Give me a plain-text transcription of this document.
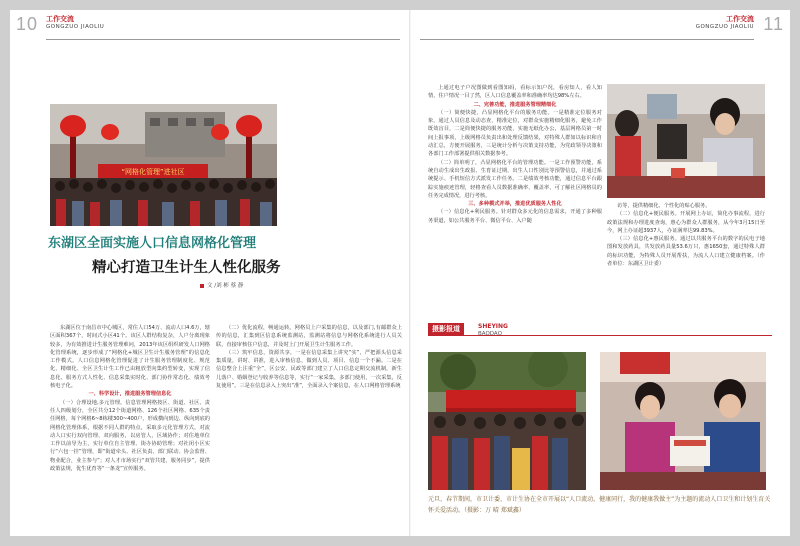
10 工作交流
GONGZUO JIAOLIU	11
工作交流
GONGZUO JIAOLIU
“网格化管理”进社区
东湖区全面实施人口信息网格化管理
精心打造卫生计生人性化服务
文 /刘 彬 蔡 静

东湖区位于南昌市中心城区，常住人口54万、流动人口4.6万，辖区面积367个，时间式小区41个。该区人群结构复杂，人户分离现象较多，为有效推进计生服务管理难问，2013年该区组织研发人口网格化管理系统，逐步形成了“网格化+城区卫生计生服务管理”的信息化工作模式。人口信息网格化管理促进了计生服务管理制度化、规范化、精细化、全区卫生计生工作已由粗放型向集约型转变，实现了信息化、服务方式人性化、信息采集实时化、部门协作常态化、绩效考核电子化。

一、科学设计，推进服务管理信息化

（一）合理设地,多元管理。信息管理网格按区、街道、社区、责任人四级划分，全区共分12个街道网格、126个社区网格、635个责任网格，每个网格6~8栋楼300~400户，形成横向到边、纵向到底的网格化管理体系，根据不同人群的特点，采取多元化管理方式，对流动人口实行双向管理、双向服务，以房管人，区域协作；对住地单位工作以前导为主，实行单位自主管理、街办协助管理；对社闭小区实行“六包一挂”管理，即“街道牵头、社区负责、部门联动、协会监督、物业配合，业主参与”；对人才市场实行“双管共建，服务同步”，提供政策法规，优生优育等“一条龙”宣传服务。

（二）优化流程，畅通运转。网格员上户采集的信息，以及部门,有邮群众上传的信息，汇集到区信息系统监测站，监测站将信息与网格化系统进行人员关联，直接审核住户信息，并及时上门开展卫生计生服务工作。

（三）筑牢信息，资源共享。一是在信息采集上讲究“实”，严把源头信息采集质量，讲时、讲准，进入审核信息，做到人员、项目、信息一个不漏。二是在信息整合上注重“全”，区公安、民政等部门建立了人口信息定期交流机制，新生儿落户、婚姻登记与收养等信息等，实行“一家采集，多部门使用，一次采集，反复使用”。三是在信息录入上突出“准”，全面录入个案信息，在人口网格管理系统

上通过电子户况图做到看图知码，看标示知户况，看房知人，看人知情，住户情况一目了然，区人口信息覆盖率和准确率均达98%左右。

二、完善功能，推进服务管理精细化

（一）简便快捷，凸显网格化平台的服务功能。一是精准定位服务对象，通过人员信息及动态查，精准定位，对群众实施精细化服务，避免工作既效盲目，二是简便快捷的服务功能，实施无纸化办公，基层网格员第一时间上报事项，上级网格员负责出和处理反馈结果，对特殊人群如以标识和自动汇总，方便开展服务，三是统计分析与决策支持功能，为党政领导决策和各部门工作部署提供相关数据参考。

（二）简单明了，凸显网格化平台的管理功能。一是工作预警功能，系统自动生成出生政报、生育证过期、出生人口性别比等预警信息，并通过系统提示、手机短信方式派发工作任务。二是绩效考核功能，通过信息平台跟踪实施痕迹管理，轻格查看人员数据准确率、覆盖率，可了解社区网格员的任务完成情况，进行考核。

三、多种模式并举，推进优质服务人性化

（一）信息化+利民服务。针对群众多元化的信息需求，开通了多种服务渠道，如公共服务平台、微信平台、入户随

访等，提供精细化、个性化的贴心服务。

（二）信息化+便民服务。开展网上办证，简化办事流程，进行政策法规和办理进度查询，惠心为群众人群服务，从今年3月15日至今，网上办证超3937人，办证满率达99.83%。

（三）信息化+惠民服务。通过以共服务平台的数字的民电子地图和发放药具，共发放药具量53.6万只，惠1650套，通过特殊人群的标识功能，为特殊人员开展帮扶，为流人人口建立健康档案。（作者单位：东湖区卫计委）

摄影报道	SHEYING
BAODAO
元旦、春节期间，市卫计委、市计生协在全市开展以“人口流动，健康同行，我的健康我做主”为主题的流动人口卫生和计划生育关怀关爱活动。（摄影：万 晴 郑斌鑫）
